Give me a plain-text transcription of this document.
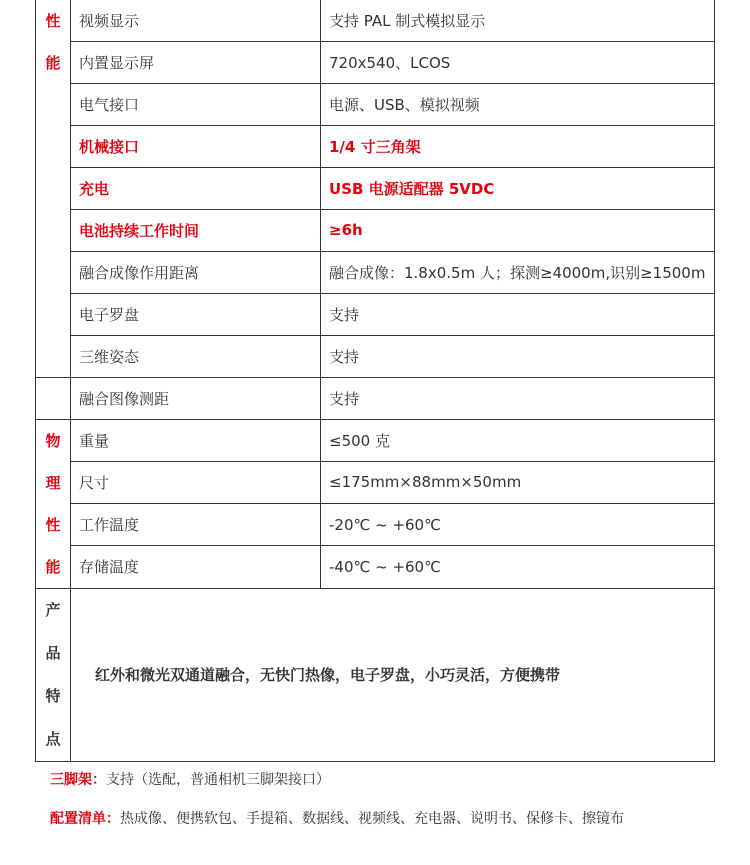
性
能	视频显示	支持 PAL 制式模拟显示
	内置显示屏	720x540、LCOS
	电气接口	电源、USB、模拟视频
	机械接口	1/4 寸三角架
	充电	USB 电源适配器 5VDC
	电池持续工作时间	≥6h
	融合成像作用距离	融合成像：1.8x0.5m 人；探测≥4000m,识别≥1500m
	电子罗盘	支持
	三维姿态	支持
	融合图像测距	支持

物
理
性
能	重量	≤500 克
	尺寸	≤175mm×88mm×50mm
	工作温度	-20℃ ~ +60℃
	存储温度	-40℃ ~ +60℃

产
品
特
点	红外和微光双通道融合，无快门热像，电子罗盘，小巧灵活，方便携带	
三脚架：支持（选配，普通相机三脚架接口）
配置清单：热成像、便携软包、手提箱、数据线、视频线、充电器、说明书、保修卡、擦镜布
